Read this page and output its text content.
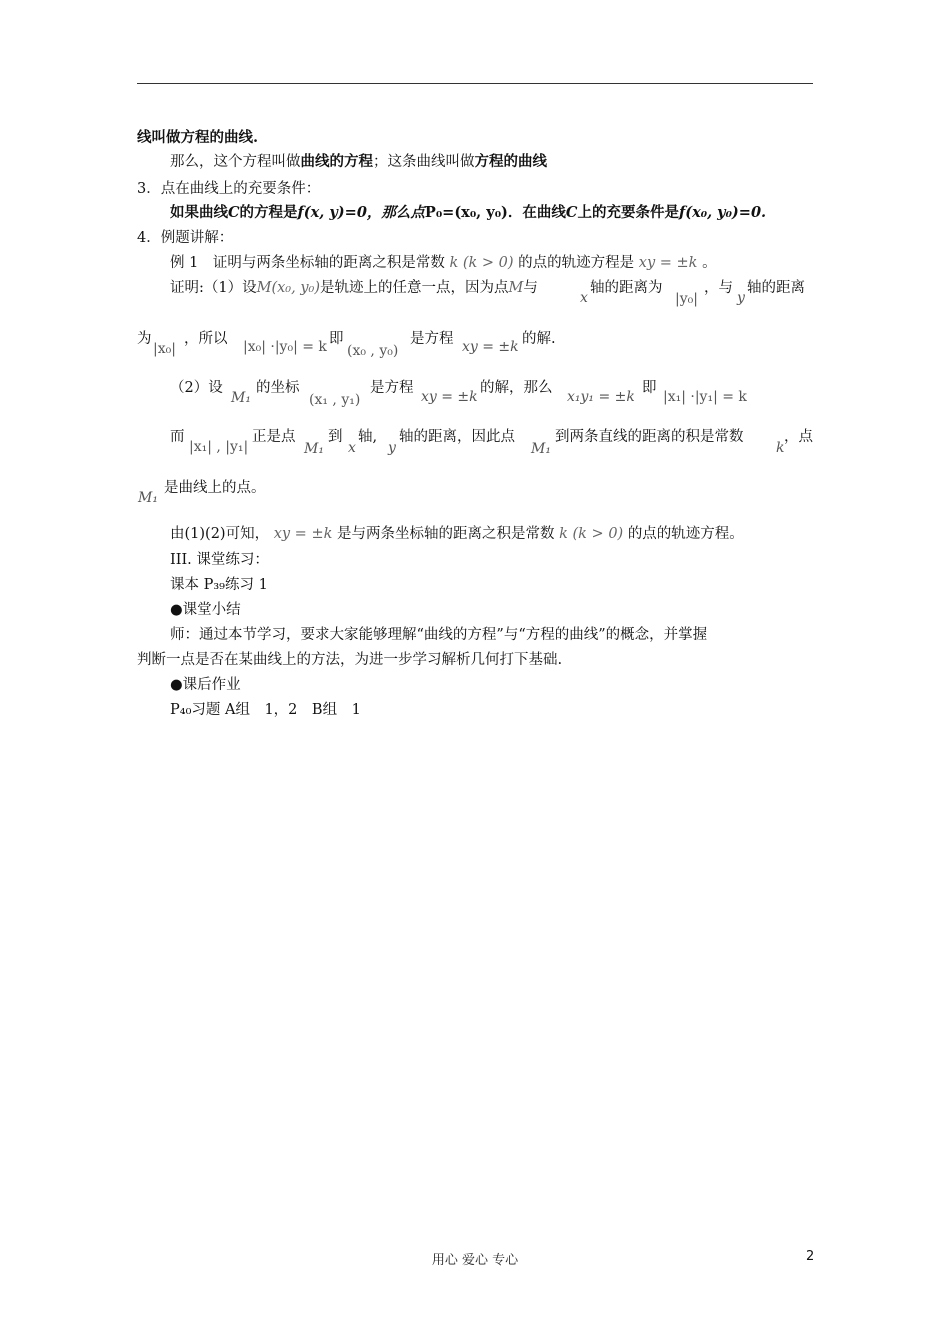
线叫做方程的曲线.
那么，这个方程叫做曲线的方程；这条曲线叫做方程的曲线
3．点在曲线上的充要条件：
如果曲线C的方程是f(x, y)=0，那么点P₀=(x₀, y₀)．在曲线C上的充要条件是f(x₀, y₀)=0.
4．例题讲解：
例 1　证明与两条坐标轴的距离之积是常数 k (k > 0) 的点的轨迹方程是 xy = ±k 。
证明:（1）设M(x₀, y₀)是轨迹上的任意一点，因为点M与
x
轴的距离为
|y₀|
，与
y
轴的距离
为
|x₀|
，所以 |x₀| ·|y₀| = k 即
(x₀ , y₀)
是方程 xy = ±k 的解.
（2）设
M₁
的坐标
(x₁ , y₁)
是方程
xy = ±k
的解，那么
x₁y₁ = ±k
即
|x₁| ·|y₁| = k
而
|x₁| , |y₁|
正是点
M₁
到
x
轴,
y
轴的距离，因此点
M₁
到两条直线的距离的积是常数
k
，点
M₁
是曲线上的点。
由(1)(2)可知， xy = ±k 是与两条坐标轴的距离之积是常数 k (k > 0) 的点的轨迹方程。
III. 课堂练习：
课本 P₃₉练习 1
●课堂小结
师：通过本节学习，要求大家能够理解“曲线的方程”与“方程的曲线”的概念，并掌握
判断一点是否在某曲线上的方法，为进一步学习解析几何打下基础.
●课后作业
P₄₀习题 A组　1，2　B组　1
用心 爱心 专心	2
